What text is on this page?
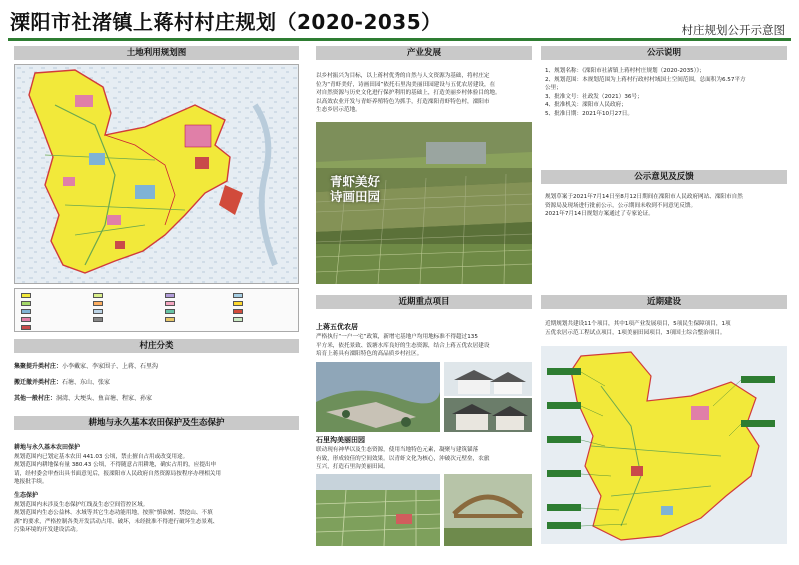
溧阳市社渚镇上蒋村村庄规划（2020-2035）	村庄规划公开示意图
土地利用规划图
村庄分类
集聚提升类村庄：小李戴家、李家围子、上蒋、石里沟
搬迁撤并类村庄：石塘、东山、张家
其他一般村庄：洞湾、大埂头、鱼亩塘、程家、孙家
耕地与永久基本农田保护及生态保护
耕地与永久基本农田保护
规划范围内已划定基本农田 441.03 公顷，禁止擅自占用或改变用途。
规划范围内耕地保有量 380.43 公顷，不得随意占用耕地，确实占用的，应提出申
请，经村委会审查出具书面意见后，报溧阳市人民政府自然资源局按程序办理相关用
地报批手续。
生态保护
规划范围内未涉及生态保护红线及生态空间管控区域。
规划范围内生态公益林、水域等其它生态功能用地，按照“慎砍树、禁挖山、不填
湖”的要求，严格控制各类开发活动占用、破坏，未经批准不得进行破坏生态景观、
污染环境的开发建设活动。
产业发展
以乡村振兴为目标，以上蒋村优秀的自然与人文资源为基础，将村庄定
位为“青虾美好，诗画田园”依托石里沟美丽田园建设与五优农居建设，在
对自然资源与历史文化进行保护利用的基础上，打造美丽乡村体验目的地。
以高效农业开发与青虾养殖特色为抓手，打造溧阳青虾特色村，溧阳市
生态乡居示范地。
青虾美好
诗画田园
近期重点项目
上蒋五优农居
严格执行“一户一宅”政策，新增宅基地户均用地标准不得超过135
平方米，依托景致、饭塘水库良好的生态资源，结合上蒋五优农居建设
培育上蒋具有溧阳特色的高品质乡村社区。
石里沟美丽田园
联动现有神华以及生态资源，使用当地特色元素，凝聚与建筑锚落
有致，形成较佳的空间效果。以青虾文化为核心，沖破次元壁垒，农旅
互兴，打造石里沟美丽田园。
公示说明
1、规划名称：《溧阳市社渚镇上蒋村村庄规划（2020-2035）》；
2、规划范围：本规划范围为上蒋村行政村村域国土空间范围，总面积为6.57平方
公里；
3、批准文号：社政发（2021）36号；
4、批准机关：溧阳市人民政府；
5、批准日期：2021年10月27日。
公示意见及反馈
规划草案于2021年7月14日至8月12日期间在溧阳市人民政府网站、溧阳市自然
资源局及现场进行批前公示，公示期间未收到不同意见反馈。
2021年7月14日规划方案通过了专家论证。
近期建设
近期规划共建设11个项目，其中1项产业发展项目，5项民生保障项目，1项
五优农居示范工程试点项目，1项美丽田园项目，3项国土综合整治项目。
